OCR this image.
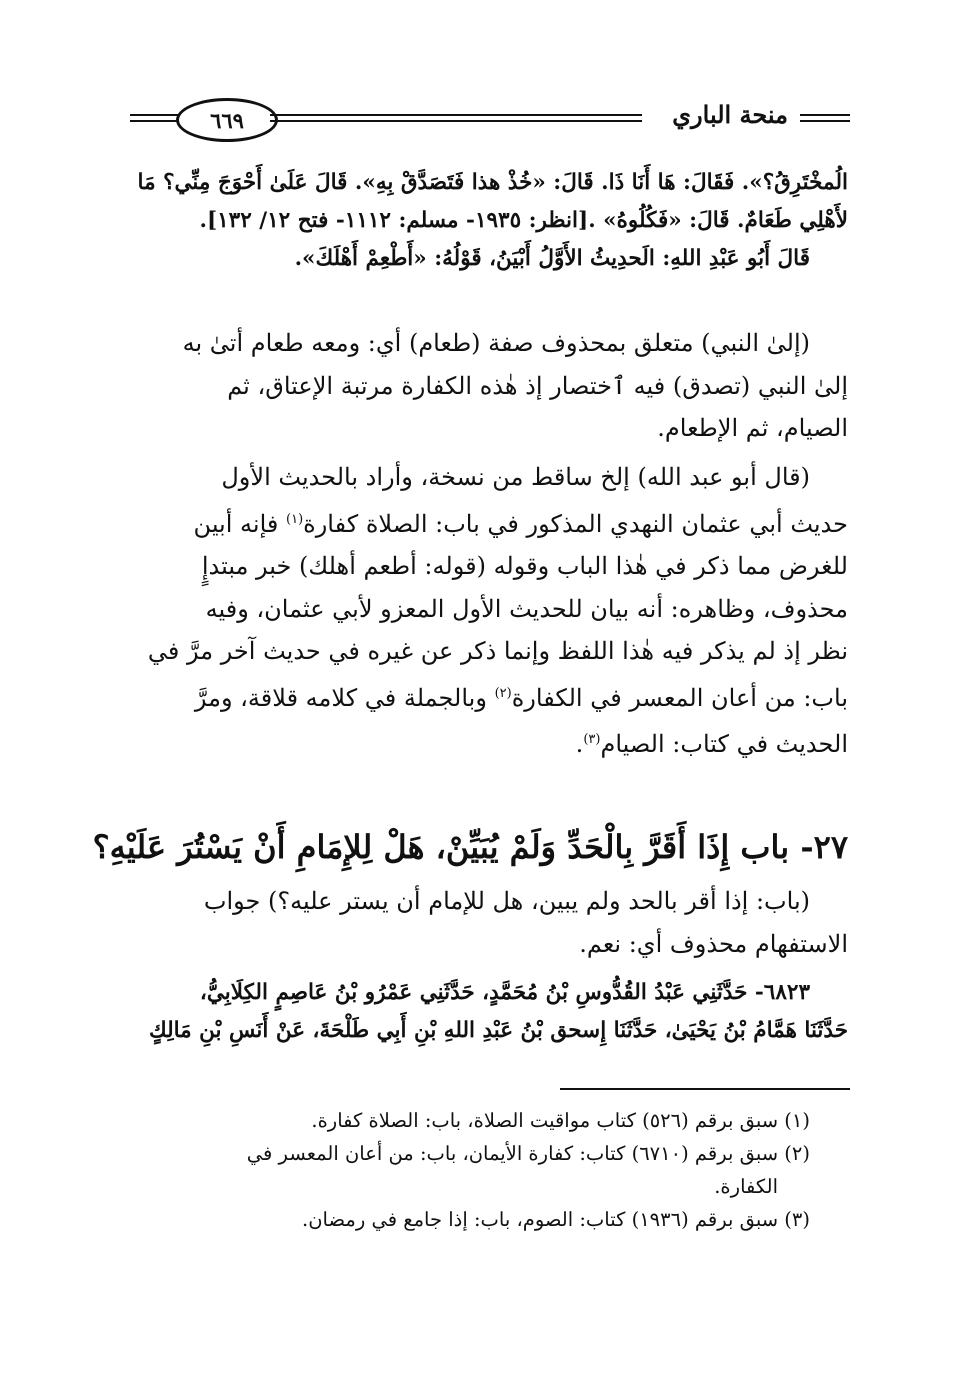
٦٦٩	منحة الباري
الُمخْتَرِقُ؟». فَقَالَ: هَا أَنَا ذَا. قَالَ: «خُذْ هذا فَتَصَدَّقْ بِهِ». قَالَ عَلَىٰ أَحْوَجَ مِنِّي؟ مَا
لأَهْلِي طَعَامٌ. قَالَ: «فَكُلُوهُ» .[انظر: ١٩٣٥- مسلم: ١١١٢- فتح ١٢/ ١٣٢].
قَالَ أَبُو عَبْدِ اللهِ: الَحدِيثُ الأَوَّلُ أَبْيَنُ، قَوْلُهُ: «أَطْعِمْ أَهْلَكَ».
(إلىٰ النبي) متعلق بمحذوف صفة (طعام) أي: ومعه طعام أتىٰ به
إلىٰ النبي (تصدق) فيه ٱختصار إذ هٰذه الكفارة مرتبة الإعتاق، ثم
الصيام، ثم الإطعام.
(قال أبو عبد الله) إلخ ساقط من نسخة، وأراد بالحديث الأول
حديث أبي عثمان النهدي المذكور في باب: الصلاة كفارة$^{(١)}$ فإنه أبين
للغرض مما ذكر في هٰذا الباب وقوله (قوله: أطعم أهلك) خبر مبتدإٍ
محذوف، وظاهره: أنه بيان للحديث الأول المعزو لأبي عثمان، وفيه
نظر إذ لم يذكر فيه هٰذا اللفظ وإنما ذكر عن غيره في حديث آخر مرَّ في
باب: من أعان المعسر في الكفارة$^{(٢)}$ وبالجملة في كلامه قلاقة، ومرَّ
الحديث في كتاب: الصيام$^{(٣)}$.
٢٧- باب إِذَا أَقَرَّ بِالْحَدِّ وَلَمْ يُبَيِّنْ، هَلْ لِلإِمَامِ أَنْ يَسْتُرَ عَلَيْهِ؟
(باب: إذا أقر بالحد ولم يبين، هل للإمام أن يستر عليه؟) جواب
الاستفهام محذوف أي: نعم.
٦٨٢٣- حَدَّثَنِي عَبْدُ القُدُّوسِ بْنُ مُحَمَّدٍ، حَدَّثَنِي عَمْرُو بْنُ عَاصِمٍ الكِلَابِيُّ،
حَدَّثَنَا هَمَّامُ بْنُ يَحْيَىٰ، حَدَّثَنَا إِسحق بْنُ عَبْدِ اللهِ بْنِ أَبِي طَلْحَةَ، عَنْ أَنَسِ بْنِ مَالِكٍ
(١) سبق برقم (٥٢٦) كتاب مواقيت الصلاة، باب: الصلاة كفارة.
(٢) سبق برقم (٦٧١٠) كتاب: كفارة الأيمان، باب: من أعان المعسر في
الكفارة.
(٣) سبق برقم (١٩٣٦) كتاب: الصوم، باب: إذا جامع في رمضان.
